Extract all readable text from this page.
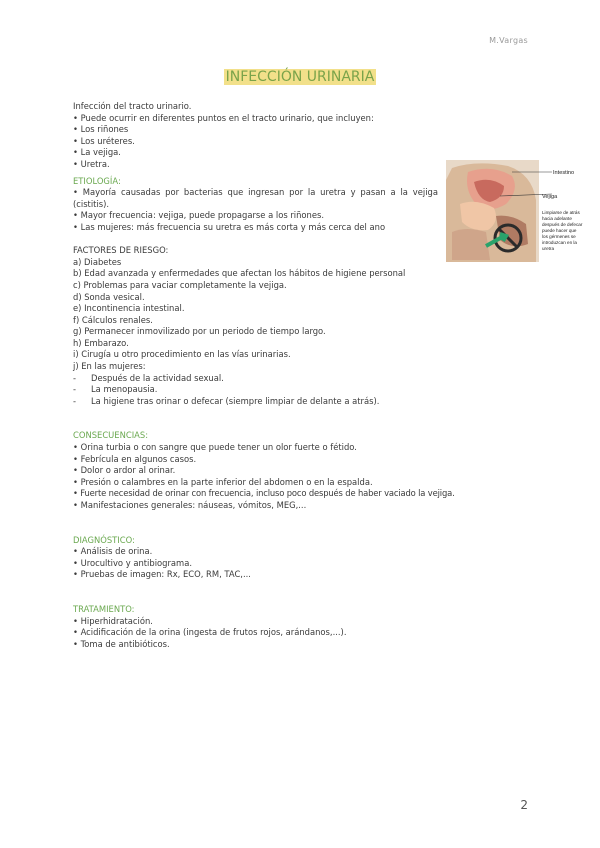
M.Vargas
INFECCIÓN URINARIA
Infección del tracto urinario.
• Puede ocurrir en diferentes puntos en el tracto urinario, que incluyen:
• Los riñones
• Los uréteres.
• La vejiga.
• Uretra.
ETIOLOGÍA:
• Mayoría causadas por bacterias que ingresan por la uretra y pasan a la vejiga (cistitis).
• Mayor frecuencia: vejiga, puede propagarse a los riñones.
• Las mujeres: más frecuencia su uretra es más corta y más cerca del ano
FACTORES DE RIESGO:
a) Diabetes
b) Edad avanzada y enfermedades que afectan los hábitos de higiene personal
c) Problemas para vaciar completamente la vejiga.
d) Sonda vesical.
e) Incontinencia intestinal.
f) Cálculos renales.
g) Permanecer inmovilizado por un periodo de tiempo largo.
h) Embarazo.
i) Cirugía u otro procedimiento en las vías urinarias.
j) En las mujeres:
- Después de la actividad sexual.
- La menopausia.
- La higiene tras orinar o defecar (siempre limpiar de delante a atrás).
CONSECUENCIAS:
• Orina turbia o con sangre que puede tener un olor fuerte o fétido.
• Febrícula en algunos casos.
• Dolor o ardor al orinar.
• Presión o calambres en la parte inferior del abdomen o en la espalda.
• Fuerte necesidad de orinar con frecuencia, incluso poco después de haber vaciado la vejiga.
• Manifestaciones generales: náuseas, vómitos, MEG,...
DIAGNÓSTICO:
• Análisis de orina.
• Urocultivo y antibiograma.
• Pruebas de imagen: Rx, ECO, RM, TAC,...
TRATAMIENTO:
• Hiperhidratación.
• Acidificación de la orina (ingesta de frutos rojos, arándanos,...).
• Toma de antibióticos.
Intestino
Vejiga
Limpiarse de atrás
hacia adelante
después de defecar
puede hacer que
los gérmenes se
introduzcan en la
uretra
2
